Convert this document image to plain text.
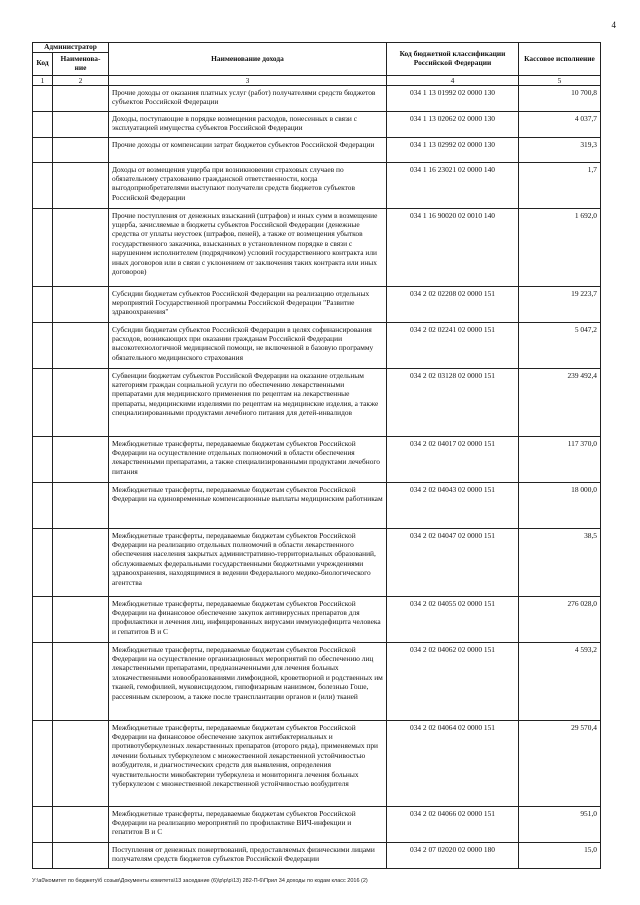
4
Администратор		Наименование дохода	Код бюджетной классификации Российской Федерации	Кассовое исполнение
Код	Наименова-ние			
1	2	3	4	5
		Прочие доходы от оказания платных услуг (работ) получателями средств бюджетов субъектов Российской Федерации	034 1 13 01992 02 0000 130	10 700,8
		Доходы, поступающие в порядке возмещения расходов, понесенных в связи с эксплуатацией имущества субъектов Российской Федерации	034 1 13 02062 02 0000 130	4 037,7
		Прочие доходы от компенсации затрат бюджетов субъектов Российской Федерации	034 1 13 02992 02 0000 130	319,3
		Доходы от возмещения ущерба при возникновении страховых случаев по обязательному страхованию гражданской ответственности, когда выгодоприобретателями выступают получатели средств бюджетов субъектов Российской Федерации	034 1 16 23021 02 0000 140	1,7
		Прочие поступления от денежных взысканий (штрафов) и иных сумм в возмещение ущерба, зачисляемые в бюджеты субъектов Российской Федерации (денежные средства от уплаты неустоек (штрафов, пеней), а также от возмещения убытков государственного заказчика, взысканных в установленном порядке в связи с нарушением исполнителем (подрядчиком) условий государственного контракта или иных договоров или в связи с уклонением от заключения таких контракта или иных договоров)	034 1 16 90020 02 0010 140	1 692,0
		Субсидии бюджетам субъектов Российской Федерации на реализацию отдельных мероприятий Государственной программы Российской Федерации "Развитие здравоохранения"	034 2 02 02208 02 0000 151	19 223,7
		Субсидии бюджетам субъектов Российской Федерации в целях софинансирования расходов, возникающих при оказании гражданам Российской Федерации высокотехнологичной медицинской помощи, не включенной в базовую программу обязательного медицинского страхования	034 2 02 02241 02 0000 151	5 047,2
		Субвенции бюджетам субъектов Российской Федерации на оказание отдельным категориям граждан социальной услуги по обеспечению лекарственными препаратами для медицинского применения по рецептам на лекарственные препараты, медицинскими изделиями по рецептам на медицинские изделия, а также специализированными продуктами лечебного питания для детей-инвалидов	034 2 02 03128 02 0000 151	239 492,4
		Межбюджетные трансферты, передаваемые бюджетам субъектов Российской Федерации на осуществление отдельных полномочий в области обеспечения лекарственными препаратами, а также специализированными продуктами лечебного питания	034 2 02 04017 02 0000 151	117 370,0
		Межбюджетные трансферты, передаваемые бюджетам субъектов Российской Федерации на единовременные компенсационные выплаты медицинским работникам	034 2 02 04043 02 0000 151	18 000,0
		Межбюджетные трансферты, передаваемые бюджетам субъектов Российской Федерации на реализацию отдельных полномочий в области лекарственного обеспечения населения закрытых административно-территориальных образований, обслуживаемых федеральными государственными бюджетными учреждениями здравоохранения, находящимися в ведении Федерального медико-биологического агентства	034 2 02 04047 02 0000 151	38,5
		Межбюджетные трансферты, передаваемые бюджетам субъектов Российской Федерации на финансовое обеспечение закупок антивирусных препаратов для профилактики и лечения лиц, инфицированных вирусами иммунодефицита человека и гепатитов В и С	034 2 02 04055 02 0000 151	276 028,0
		Межбюджетные трансферты, передаваемые бюджетам субъектов Российской Федерации на осуществление организационных мероприятий по обеспечению лиц лекарственными препаратами, предназначенными для лечения больных злокачественными новообразованиями лимфоидной, кроветворной и родственных им тканей, гемофилией, муковисцидозом, гипофизарным нанизмом, болезнью Гоше, рассеянным склерозом, а также после трансплантации органов и (или) тканей	034 2 02 04062 02 0000 151	4 593,2
		Межбюджетные трансферты, передаваемые бюджетам субъектов Российской Федерации на финансовое обеспечение закупок антибактериальных и противотуберкулезных лекарственных препаратов (второго ряда), применяемых при лечении больных туберкулезом с множественной лекарственной устойчивостью возбудителя, и диагностических средств для выявления, определения чувствительности микобактерии туберкулеза и мониторинга лечения больных туберкулезом с множественной лекарственной устойчивостью возбудителя	034 2 02 04064 02 0000 151	29 570,4
		Межбюджетные трансферты, передаваемые бюджетам субъектов Российской Федерации на реализацию мероприятий по профилактике ВИЧ-инфекции и гепатитов В и С	034 2 02 04066 02 0000 151	951,0
		Поступления от денежных пожертвований, предоставляемых физическими лицами получателям средств бюджетов субъектов Российской Федерации	034 2 07 02020 02 0000 180	15,0
У:\a0\комитет по бюджету\б созыв\Документы комитета\13 заседание (6)\р\р\р\13) 282-П-6\Прил 34 доходы по кодам класс 2016 (2)
